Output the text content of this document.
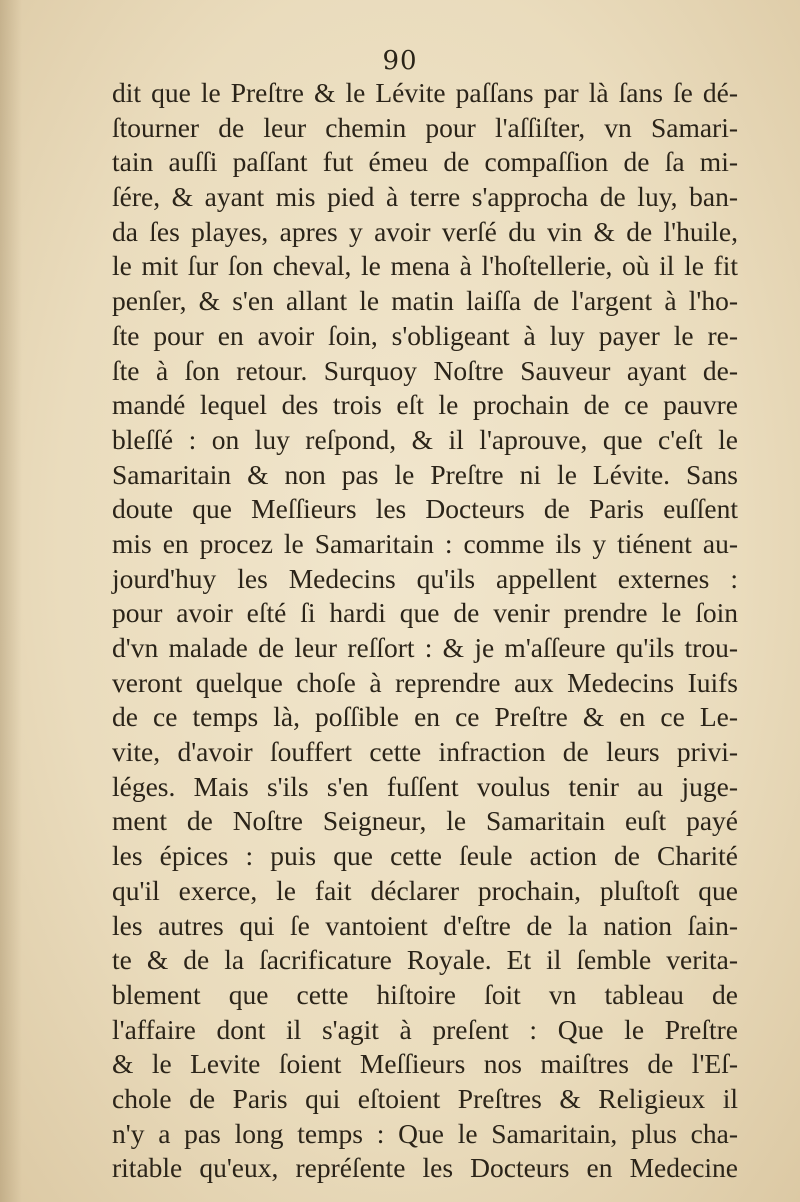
90
dit que le Preſtre & le Lévite paſſans par là ſans ſe dé-
ſtourner de leur chemin pour l'aſſiſter, vn Samari-
tain auſſi paſſant fut émeu de compaſſion de ſa mi-
ſére, & ayant mis pied à terre s'approcha de luy, ban-
da ſes playes, apres y avoir verſé du vin & de l'huile,
le mit ſur ſon cheval, le mena à l'hoſtellerie, où il le fit
penſer, & s'en allant le matin laiſſa de l'argent à l'ho-
ſte pour en avoir ſoin, s'obligeant à luy payer le re-
ſte à ſon retour. Surquoy Noſtre Sauveur ayant de-
mandé lequel des trois eſt le prochain de ce pauvre
bleſſé : on luy reſpond, & il l'aprouve, que c'eſt le
Samaritain & non pas le Preſtre ni le Lévite. Sans
doute que Meſſieurs les Docteurs de Paris euſſent
mis en procez le Samaritain : comme ils y tiénent au-
jourd'huy les Medecins qu'ils appellent externes :
pour avoir eſté ſi hardi que de venir prendre le ſoin
d'vn malade de leur reſſort : & je m'aſſeure qu'ils trou-
veront quelque choſe à reprendre aux Medecins Iuifs
de ce temps là, poſſible en ce Preſtre & en ce Le-
vite, d'avoir ſouffert cette infraction de leurs privi-
léges. Mais s'ils s'en fuſſent voulus tenir au juge-
ment de Noſtre Seigneur, le Samaritain euſt payé
les épices : puis que cette ſeule action de Charité
qu'il exerce, le fait déclarer prochain, pluſtoſt que
les autres qui ſe vantoient d'eſtre de la nation ſain-
te & de la ſacrificature Royale. Et il ſemble verita-
blement que cette hiſtoire ſoit vn tableau de
l'affaire dont il s'agit à preſent : Que le Preſtre
& le Levite ſoient Meſſieurs nos maiſtres de l'Eſ-
chole de Paris qui eſtoient Preſtres & Religieux il
n'y a pas long temps : Que le Samaritain, plus cha-
ritable qu'eux, repréſente les Docteurs en Medecine
